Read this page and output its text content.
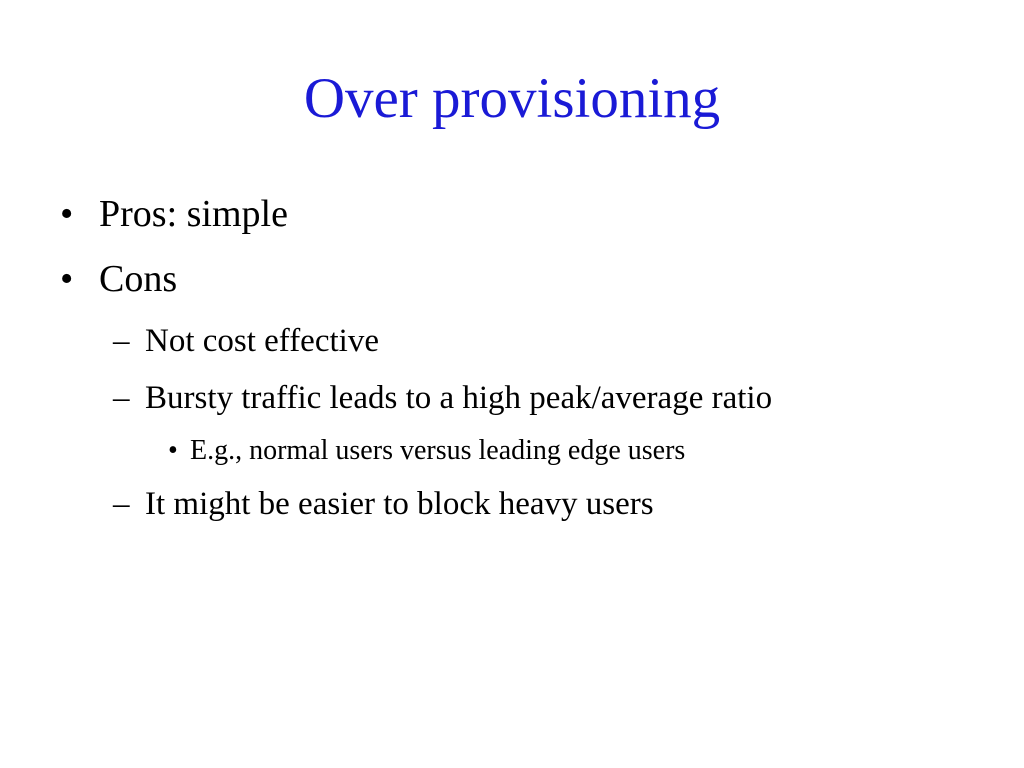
Over provisioning
• Pros: simple
• Cons
– Not cost effective
– Bursty traffic leads to a high peak/average ratio
• E.g., normal users versus leading edge users
– It might be easier to block heavy users
